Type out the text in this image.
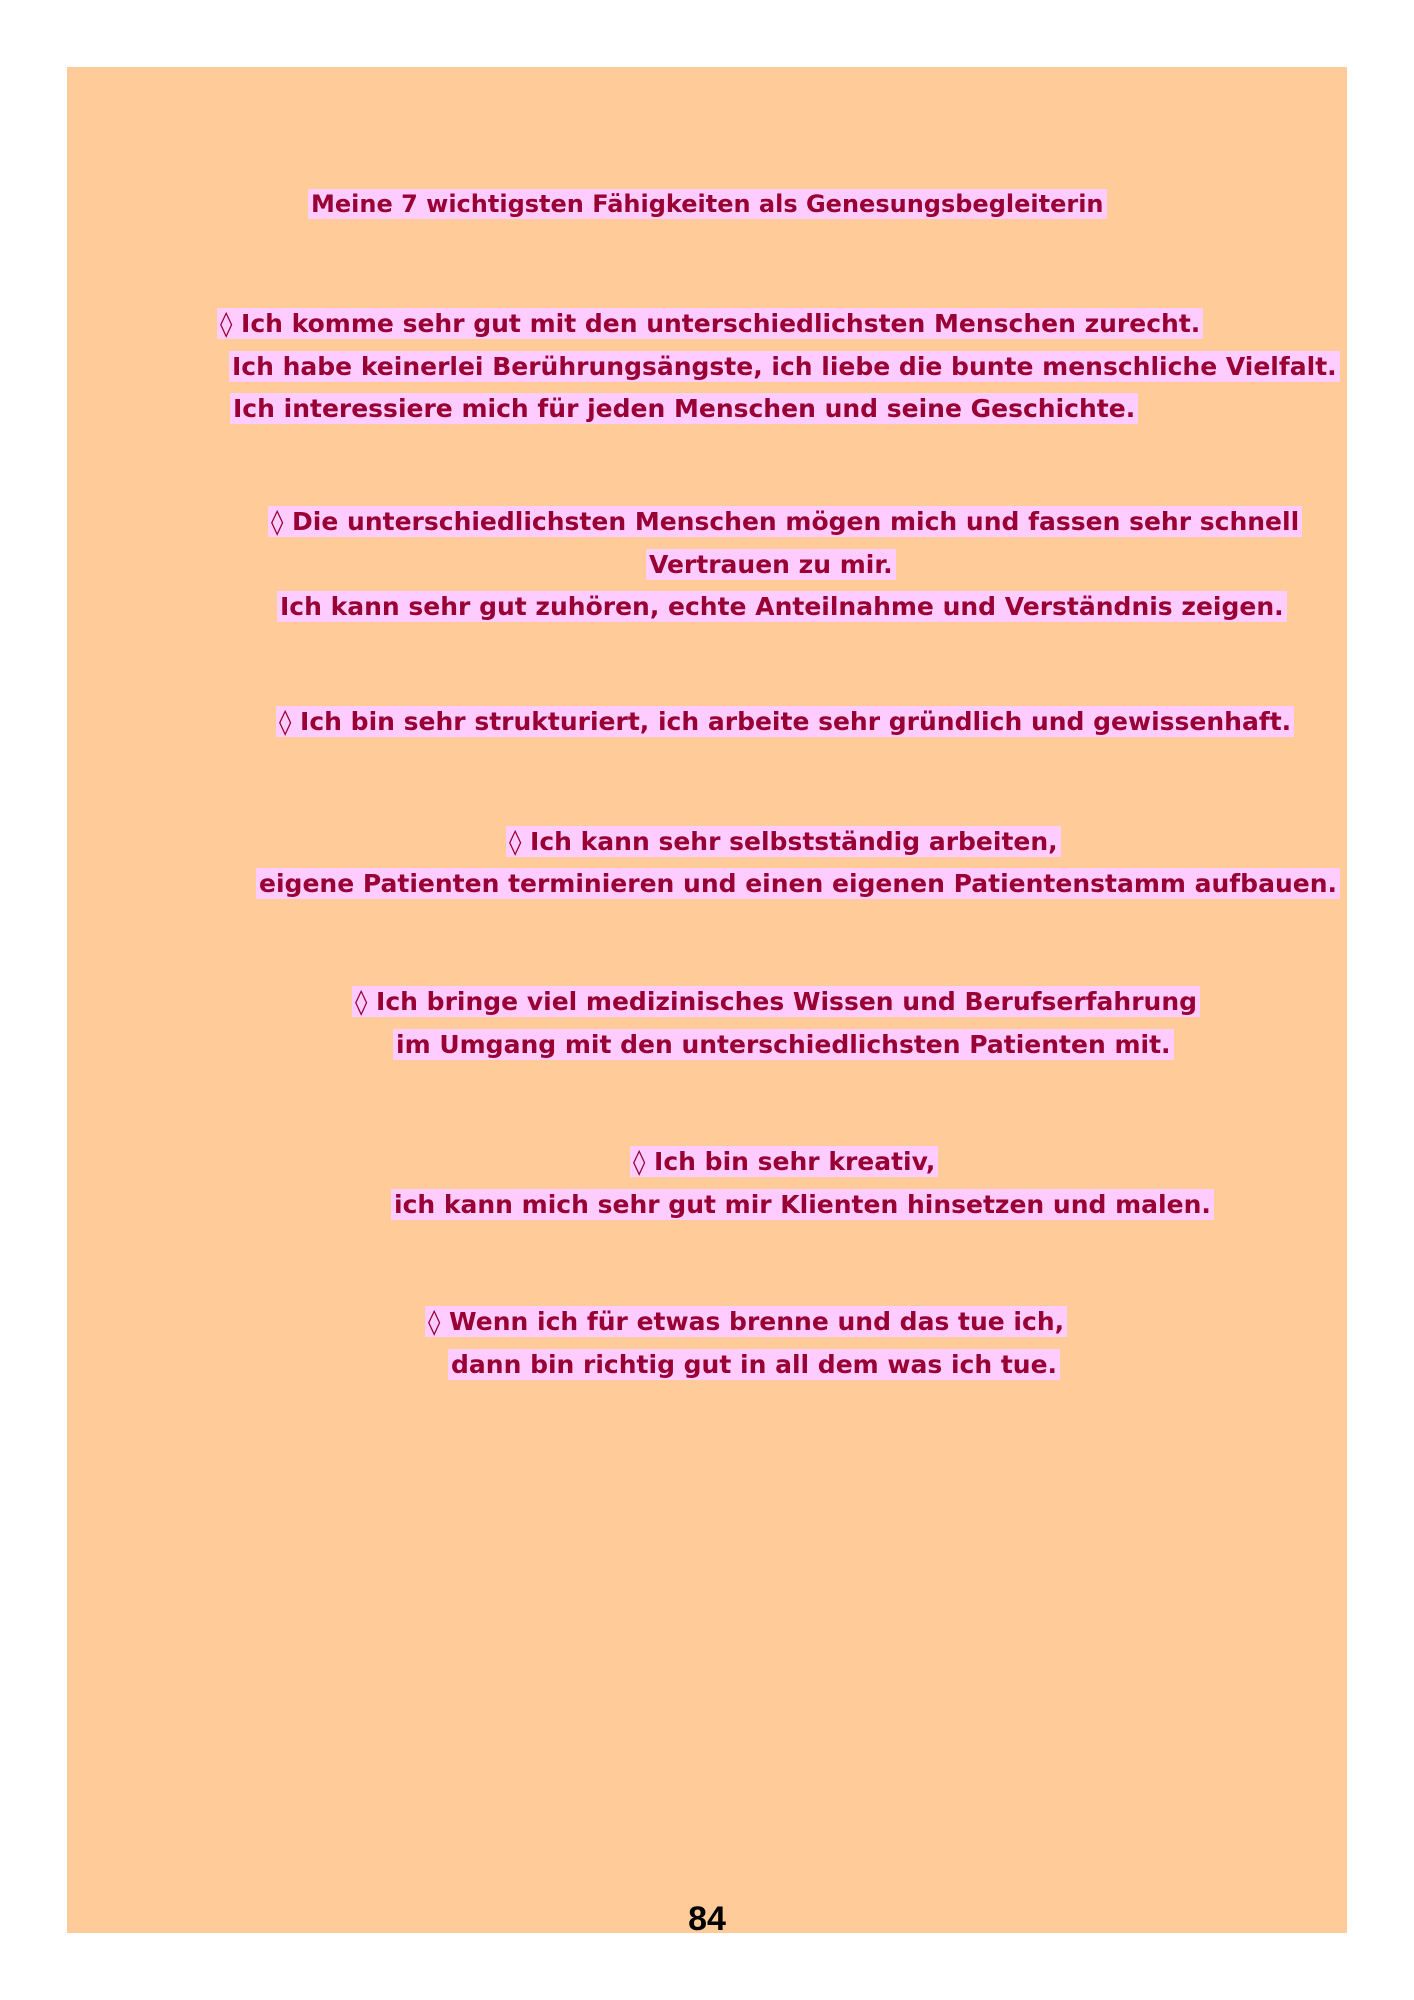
Meine 7 wichtigsten Fähigkeiten als Genesungsbegleiterin
◊ Ich komme sehr gut mit den unterschiedlichsten Menschen zurecht.
Ich habe keinerlei Berührungsängste, ich liebe die bunte menschliche Vielfalt.
Ich interessiere mich für jeden Menschen und seine Geschichte.
◊ Die unterschiedlichsten Menschen mögen mich und fassen sehr schnell
Vertrauen zu mir.
Ich kann sehr gut zuhören, echte Anteilnahme und Verständnis zeigen.
◊ Ich bin sehr strukturiert, ich arbeite sehr gründlich und gewissenhaft.
◊ Ich kann sehr selbstständig arbeiten,
eigene Patienten terminieren und einen eigenen Patientenstamm aufbauen.
◊ Ich bringe viel medizinisches Wissen und Berufserfahrung
im Umgang mit den unterschiedlichsten Patienten mit.
◊ Ich bin sehr kreativ,
ich kann mich sehr gut mir Klienten hinsetzen und malen.
◊ Wenn ich für etwas brenne und das tue ich,
dann bin richtig gut in all dem was ich tue.
84
